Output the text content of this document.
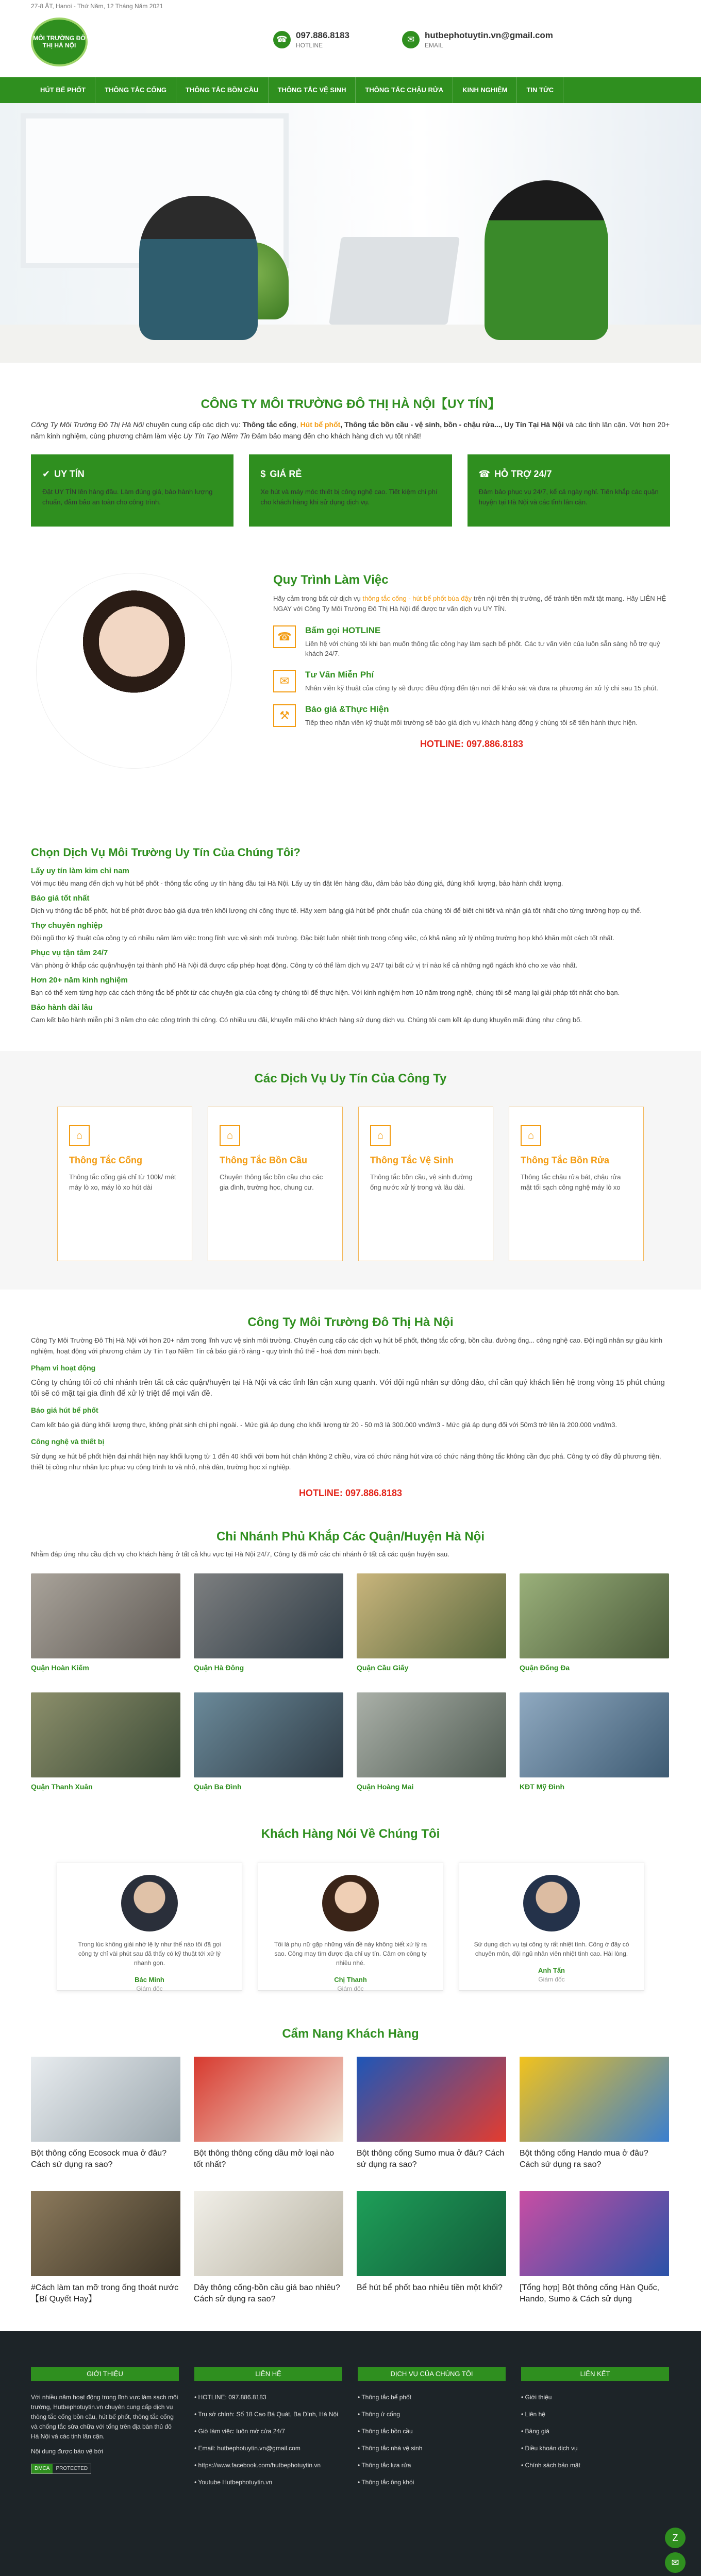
27-8 ÂT, Hanoi - Thứ Năm, 12 Tháng Năm 2021
MÔI TRƯỜNG ĐÔ THỊ HÀ NỘI
☎ 097.886.8183
HOTLINE
✉	hutbephotuytin.vn@gmail.com
EMAIL
HÚT BỂ PHỐT	THÔNG TẮC CỐNG	THÔNG TẮC BỒN CẦU	THÔNG TẮC VỆ SINH	THÔNG TẮC CHẬU RỬA	KINH NGHIỆM	TIN TỨC
CÔNG TY MÔI TRƯỜNG ĐÔ THỊ HÀ NỘI【UY TÍN】

Công Ty Môi Trường Đô Thị Hà Nội chuyên cung cấp các dịch vụ: Thông tắc cống, Hút bể phốt, Thông tắc bồn cầu - vệ sinh, bồn - chậu rửa..., Uy Tín Tại Hà Nội và các tỉnh lân cận. Với hơn 20+ năm kinh nghiệm, cùng phương châm làm việc Uy Tín Tạo Niềm Tin Đảm bảo mang đến cho khách hàng dịch vụ tốt nhất!

✔ UY TÍN

Đặt UY TÍN lên hàng đầu. Làm đúng giá, bảo hành lượng chuẩn, đảm bảo an toàn cho công trình.

$ GIÁ RẺ

Xe hút và máy móc thiết bị công nghệ cao. Tiết kiệm chi phí cho khách hàng khi sử dụng dịch vụ.

☎ HỖ TRỢ 24/7

Đảm bảo phục vụ 24/7, kể cả ngày nghỉ. Tiến khắp các quận huyện tại Hà Nội và các tỉnh lân cận.

Quy Trình Làm Việc

Hãy cảm trong bất cứ dịch vụ thông tắc cống - hút bể phốt bùa đậy trên nội trên thị trường, để tránh tiền mất tật mang. Hãy LIÊN HỆ NGAY với Công Ty Môi Trường Đô Thị Hà Nội để được tư vấn dịch vụ UY TÍN.

☎	Bấm gọi HOTLINE

Liên hệ với chúng tôi khi bạn muốn thông tắc công hay làm sạch bể phốt. Các tư vấn viên của luôn sẵn sàng hỗ trợ quý khách 24/7.

✉	Tư Vấn Miễn Phí

Nhân viên kỹ thuật của công ty sẽ được điều động đến tận nơi để khảo sát và đưa ra phương án xử lý chi sau 15 phút.

⚒	Báo giá &Thực Hiện

Tiếp theo nhân viên kỹ thuật môi trường sẽ báo giá dịch vụ khách hàng đồng ý chúng tôi sẽ tiến hành thực hiện.

HOTLINE: 097.886.8183
Chọn Dịch Vụ Môi Trường Uy Tín Của Chúng Tôi?
Lấy uy tín làm kim chỉ nam

Với mục tiêu mang đến dịch vụ hút bể phốt - thông tắc cống uy tín hàng đầu tại Hà Nội. Lấy uy tín đặt lên hàng đầu, đảm bảo bảo đúng giá, đúng khối lượng, bảo hành chất lượng.

Báo giá tốt nhất

Dịch vụ thông tắc bể phốt, hút bể phốt được báo giá dựa trên khối lượng chi công thực tế. Hãy xem bảng giá hút bể phốt chuẩn của chúng tôi để biết chi tiết và nhận giá tốt nhất cho từng trường hợp cụ thể.

Thợ chuyên nghiệp

Đội ngũ thợ kỹ thuật của công ty có nhiều năm làm việc trong lĩnh vực vệ sinh môi trường. Đặc biệt luôn nhiệt tình trong công việc, có khả năng xử lý những trường hợp khó khăn một cách tốt nhất.

Phục vụ tận tâm 24/7

Văn phòng ở khắp các quận/huyện tại thành phố Hà Nội đã được cấp phép hoạt động. Công ty có thể làm dịch vụ 24/7 tại bất cứ vị trí nào kể cả những ngõ ngách khó cho xe vào nhất.

Hơn 20+ năm kinh nghiệm

Bạn có thể xem từng hợp các cách thông tắc bể phốt từ các chuyên gia của công ty chúng tôi để thực hiện. Với kinh nghiệm hơn 10 năm trong nghề, chúng tôi sẽ mang lại giải pháp tốt nhất cho bạn.

Bảo hành dài lâu

Cam kết bảo hành miễn phí 3 năm cho các công trình thi công. Có nhiều ưu đãi, khuyến mãi cho khách hàng sử dụng dịch vụ. Chúng tôi cam kết áp dụng khuyến mãi đúng như công bố.

Các Dịch Vụ Uy Tín Của Công Ty
⌂
Thông Tắc Cống

Thông tắc cống giá chỉ từ 100k/ mét máy lò xo, máy lò xo hút dài

⌂
Thông Tắc Bồn Cầu

Chuyên thông tắc bồn cầu cho các gia đình, trường học, chung cư.

⌂
Thông Tắc Vệ Sinh

Thông tắc bồn cầu, vệ sinh đường ống nước xử lý trong và lâu dài.

⌂
Thông Tắc Bồn Rửa

Thông tắc chậu rửa bát, chậu rửa mặt tối sạch công nghệ máy lò xo

Công Ty Môi Trường Đô Thị Hà Nội

Công Ty Môi Trường Đô Thị Hà Nội với hơn 20+ năm trong lĩnh vực vệ sinh môi trường. Chuyên cung cấp các dịch vụ hút bể phốt, thông tắc cống, bồn cầu, đường ống... công nghệ cao. Đội ngũ nhân sự giàu kinh nghiệm, hoạt động với phương châm Uy Tín Tạo Niềm Tin cả báo giá rõ ràng - quy trình thủ thế - hoá đơn minh bạch.

Phạm vi hoạt động

Công ty chúng tôi có chi nhánh trên tất cả các quận/huyện tại Hà Nội và các tỉnh lân cận xung quanh. Với đội ngũ nhân sự đông đảo, chỉ cần quý khách liên hệ trong vòng 15 phút chúng tôi sẽ có mặt tại gia đình để xử lý triệt để mọi vấn đề.

Báo giá hút bể phốt

Cam kết báo giá đúng khối lượng thực, không phát sinh chi phí ngoài. - Mức giá áp dụng cho khối lượng từ 20 - 50 m3 là 300.000 vnđ/m3 - Mức giá áp dụng đối với 50m3 trở lên là 200.000 vnđ/m3.

Công nghệ và thiết bị

Sử dụng xe hút bể phốt hiện đại nhất hiện nay khối lượng từ 1 đến 40 khối với bơm hút chân không 2 chiều, vừa có chức năng hút vừa có chức năng thông tắc không cần đục phá. Công ty có đầy đủ phương tiện, thiết bị công như nhân lực phục vụ công trình to và nhỏ, nhà dân, trường học xí nghiệp.

HOTLINE: 097.886.8183
Chi Nhánh Phủ Khắp Các Quận/Huyện Hà Nội

Nhằm đáp ứng nhu cầu dịch vụ cho khách hàng ở tất cả khu vực tại Hà Nội 24/7, Công ty đã mở các chi nhánh ở tất cả các quận huyện sau.

Quận Hoàn Kiếm	Quận Hà Đông	Quận Cầu Giấy	Quận Đống Đa
Quận Thanh Xuân	Quận Ba Đình	Quận Hoàng Mai	KĐT Mỹ Đình
Khách Hàng Nói Về Chúng Tôi

Trong lúc không giải nhớ lệ ly như thế nào tôi đã gọi công ty chỉ vài phút sau đã thấy có kỹ thuật tới xử lý nhanh gọn.

Bác Minh
Giám đốc

Tôi là phụ nữ gặp những vấn đề này không biết xử lý ra sao. Công may tìm được địa chỉ uy tín. Cảm ơn công ty nhiều nhé.

Chị Thanh
Giám đốc

Sử dụng dịch vụ tại công ty rất nhiệt tình. Công ở đây có chuyên môn, đội ngũ nhân viên nhiệt tình cao. Hài lòng.

Anh Tấn
Giám đốc
Cẩm Nang Khách Hàng
Bột thông cống Ecosock mua ở đâu? Cách sử dụng ra sao?
Bột thông thông cống dầu mở loại nào tốt nhất?
Bột thông cống Sumo mua ở đâu? Cách sử dụng ra sao?
Bột thông cống Hando mua ở đâu? Cách sử dụng ra sao?
#Cách làm tan mỡ trong ống thoát nước【Bí Quyết Hay】
Dây thông cống-bồn cầu giá bao nhiêu? Cách sử dụng ra sao?
Bể hút bể phốt bao nhiêu tiền một khối?	[Tổng hợp] Bột thông cống Hàn Quốc, Hando, Sumo & Cách sử dụng
GIỚI THIỆU

Với nhiều năm hoạt động trong lĩnh vực làm sạch môi trường, Hutbephotuytin.vn chuyên cung cấp dịch vụ thông tắc cống bồn cầu, hút bể phốt, thông tắc cống và chống tắc sửa chữa với tổng trên địa bàn thủ đô Hà Nội và các tỉnh lân cận.

Nội dung được bảo vệ bởi

DMCA	PROTECTED
LIÊN HỆ
• HOTLINE: 097.886.8183
• Trụ sở chính: Số 18 Cao Bá Quát, Ba Đình, Hà Nội
• Giờ làm việc: luôn mở cửa 24/7
• Email: hutbephotuytin.vn@gmail.com
• https://www.facebook.com/hutbephotuytin.vn
• Youtube Hutbephotuytin.vn
DỊCH VỤ CỦA CHÚNG TÔI
• Thông tắc bể phốt
• Thông ử cống
• Thông tắc bồn cầu
• Thông tắc nhà vệ sinh
• Thông tắc lựa rửa
• Thông tắc ông khói
LIÊN KẾT
• Giới thiệu
• Liên hệ
• Bảng giá
• Điều khoản dịch vụ
• Chính sách bảo mật
Z
✉
